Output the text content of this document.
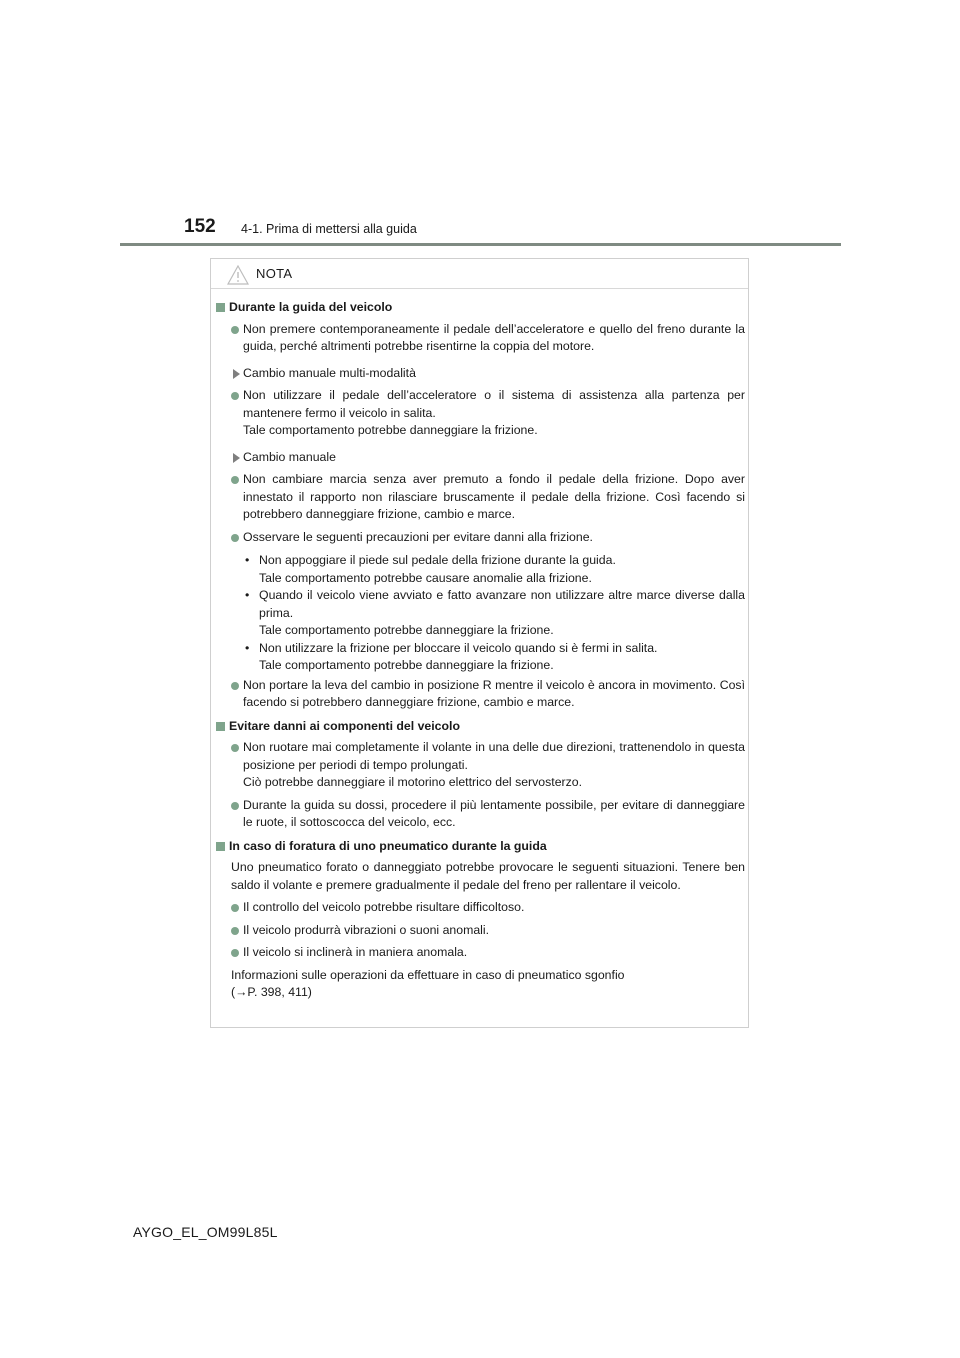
152 4-1. Prima di mettersi alla guida
NOTA
Durante la guida del veicolo
Non premere contemporaneamente il pedale dell’acceleratore e quello del freno durante la guida, perché altrimenti potrebbe risentirne la coppia del motore.
Cambio manuale multi-modalità
Non utilizzare il pedale dell’acceleratore o il sistema di assistenza alla partenza per mantenere fermo il veicolo in salita.
Tale comportamento potrebbe danneggiare la frizione.
Cambio manuale
Non cambiare marcia senza aver premuto a fondo il pedale della frizione. Dopo aver innestato il rapporto non rilasciare bruscamente il pedale della frizione. Così facendo si potrebbero danneggiare frizione, cambio e marce.
Osservare le seguenti precauzioni per evitare danni alla frizione.
• Non appoggiare il piede sul pedale della frizione durante la guida.
Tale comportamento potrebbe causare anomalie alla frizione.
• Quando il veicolo viene avviato e fatto avanzare non utilizzare altre marce diverse dalla prima.
Tale comportamento potrebbe danneggiare la frizione.
• Non utilizzare la frizione per bloccare il veicolo quando si è fermi in salita.
Tale comportamento potrebbe danneggiare la frizione.
Non portare la leva del cambio in posizione R mentre il veicolo è ancora in movimento. Così facendo si potrebbero danneggiare frizione, cambio e marce.
Evitare danni ai componenti del veicolo
Non ruotare mai completamente il volante in una delle due direzioni, trattenendolo in questa posizione per periodi di tempo prolungati.
Ciò potrebbe danneggiare il motorino elettrico del servosterzo.
Durante la guida su dossi, procedere il più lentamente possibile, per evitare di danneggiare le ruote, il sottoscocca del veicolo, ecc.
In caso di foratura di uno pneumatico durante la guida
Uno pneumatico forato o danneggiato potrebbe provocare le seguenti situazioni. Tenere ben saldo il volante e premere gradualmente il pedale del freno per rallentare il veicolo.
Il controllo del veicolo potrebbe risultare difficoltoso.
Il veicolo produrrà vibrazioni o suoni anomali.
Il veicolo si inclinerà in maniera anomala.
Informazioni sulle operazioni da effettuare in caso di pneumatico sgonfio
(→P. 398, 411)
AYGO_EL_OM99L85L
